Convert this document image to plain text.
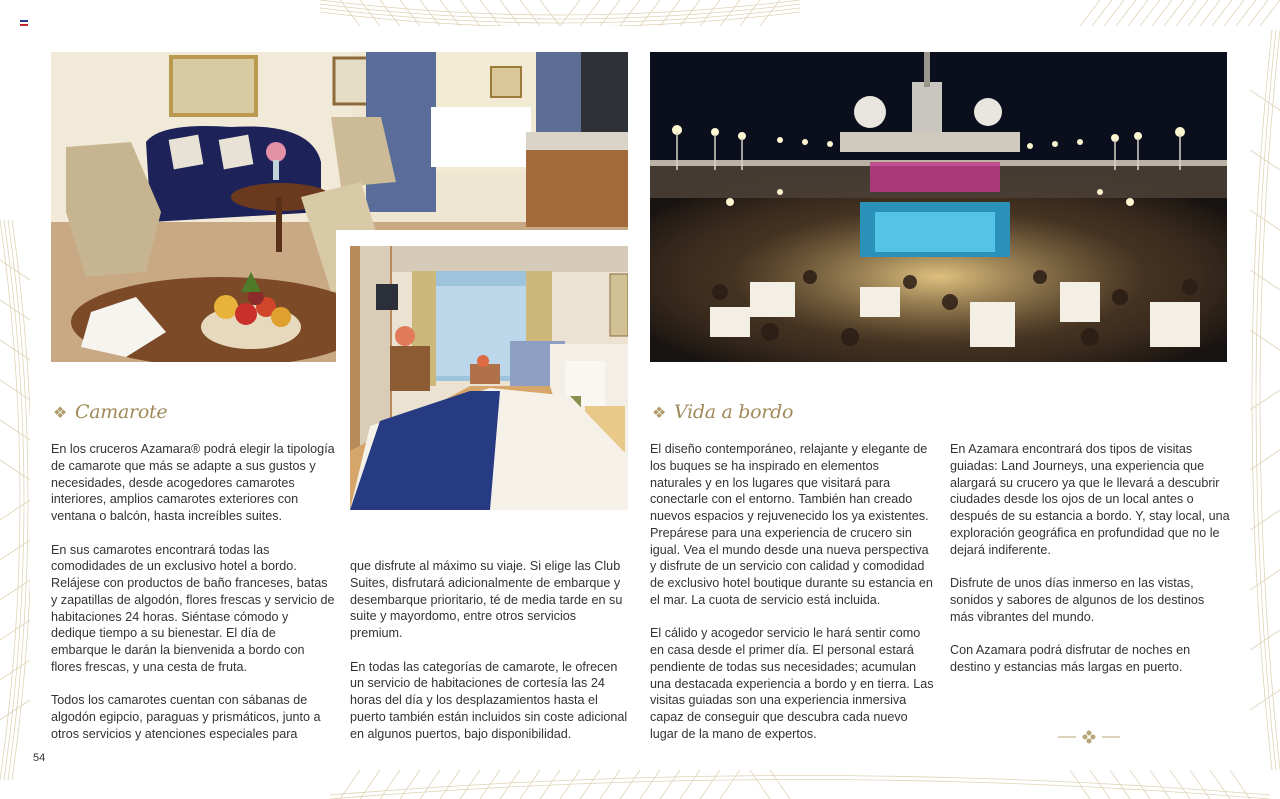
❖ Camarote

En los cruceros Azamara® podrá elegir la tipología de camarote que más se adapte a sus gustos y necesidades, desde acogedores camarotes interiores, amplios camarotes exteriores con ventana o balcón, hasta increíbles suites.

En sus camarotes encontrará todas las comodidades de un exclusivo hotel a bordo. Relájese con productos de baño franceses, batas y zapatillas de algodón, flores frescas y servicio de habitaciones 24 horas. Siéntase cómodo y dedique tiempo a su bienestar. El día de embarque le darán la bienvenida a bordo con flores frescas, y una cesta de fruta.

Todos los camarotes cuentan con sábanas de algodón egipcio, paraguas y prismáticos, junto a otros servicios y atenciones especiales para

que disfrute al máximo su viaje. Si elige las Club Suites, disfrutará adicionalmente de embarque y desembarque prioritario, té de media tarde en su suite y mayordomo, entre otros servicios premium.

En todas las categorías de camarote, le ofrecen un servicio de habitaciones de cortesía las 24 horas del día y los desplazamientos hasta el puerto también están incluidos sin coste adicional en algunos puertos, bajo disponibilidad.

❖ Vida a bordo

El diseño contemporáneo, relajante y elegante de los buques se ha inspirado en elementos naturales y en los lugares que visitará para conectarle con el entorno. También han creado nuevos espacios y rejuvenecido los ya existentes. Prepárese para una experiencia de crucero sin igual. Vea el mundo desde una nueva perspectiva y disfrute de un servicio con calidad y comodidad de exclusivo hotel boutique durante su estancia en el mar. La cuota de servicio está incluida.

El cálido y acogedor servicio le hará sentir como en casa desde el primer día. El personal estará pendiente de todas sus necesidades; acumulan una destacada experiencia a bordo y en tierra. Las visitas guiadas son una experiencia inmersiva capaz de conseguir que descubra cada nuevo lugar de la mano de expertos.

En Azamara encontrará dos tipos de visitas guiadas: Land Journeys, una experiencia que alargará su crucero ya que le llevará a descubrir ciudades desde los ojos de un local antes o después de su estancia a bordo. Y, stay local, una exploración geográfica en profundidad que no le dejará indiferente.

Disfrute de unos días inmerso en las vistas, sonidos y sabores de algunos de los destinos más vibrantes del mundo.

Con Azamara podrá disfrutar de noches en destino y estancias más largas en puerto.

54
